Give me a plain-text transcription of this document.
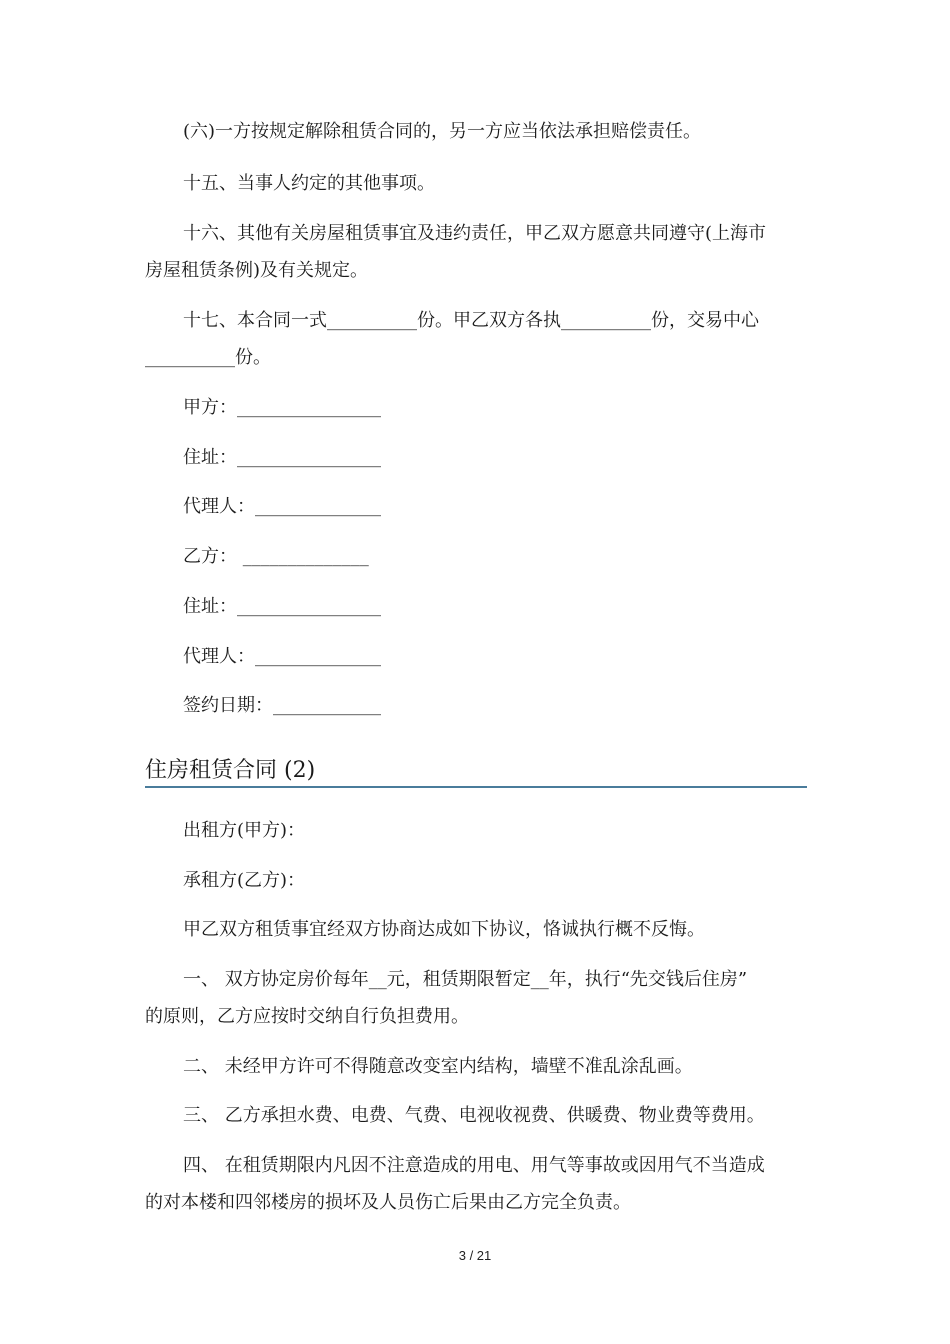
(六)一方按规定解除租赁合同的，另一方应当依法承担赔偿责任。
十五、当事人约定的其他事项。
十六、其他有关房屋租赁事宜及违约责任，甲乙双方愿意共同遵守(上海市
房屋租赁条例)及有关规定。
十七、本合同一式__________份。甲乙双方各执__________份，交易中心
__________份。
甲方：________________
住址：________________
代理人：______________
乙方： ______________
住址：________________
代理人：______________
签约日期：____________
住房租赁合同 (2)
出租方(甲方)：
承租方(乙方)：
甲乙双方租赁事宜经双方协商达成如下协议，恪诚执行概不反悔。
一、 双方协定房价每年__元，租赁期限暂定__年，执行“先交钱后住房”
的原则，乙方应按时交纳自行负担费用。
二、 未经甲方许可不得随意改变室内结构，墙壁不准乱涂乱画。
三、 乙方承担水费、电费、气费、电视收视费、供暖费、物业费等费用。
四、 在租赁期限内凡因不注意造成的用电、用气等事故或因用气不当造成
的对本楼和四邻楼房的损坏及人员伤亡后果由乙方完全负责。
3 / 21
